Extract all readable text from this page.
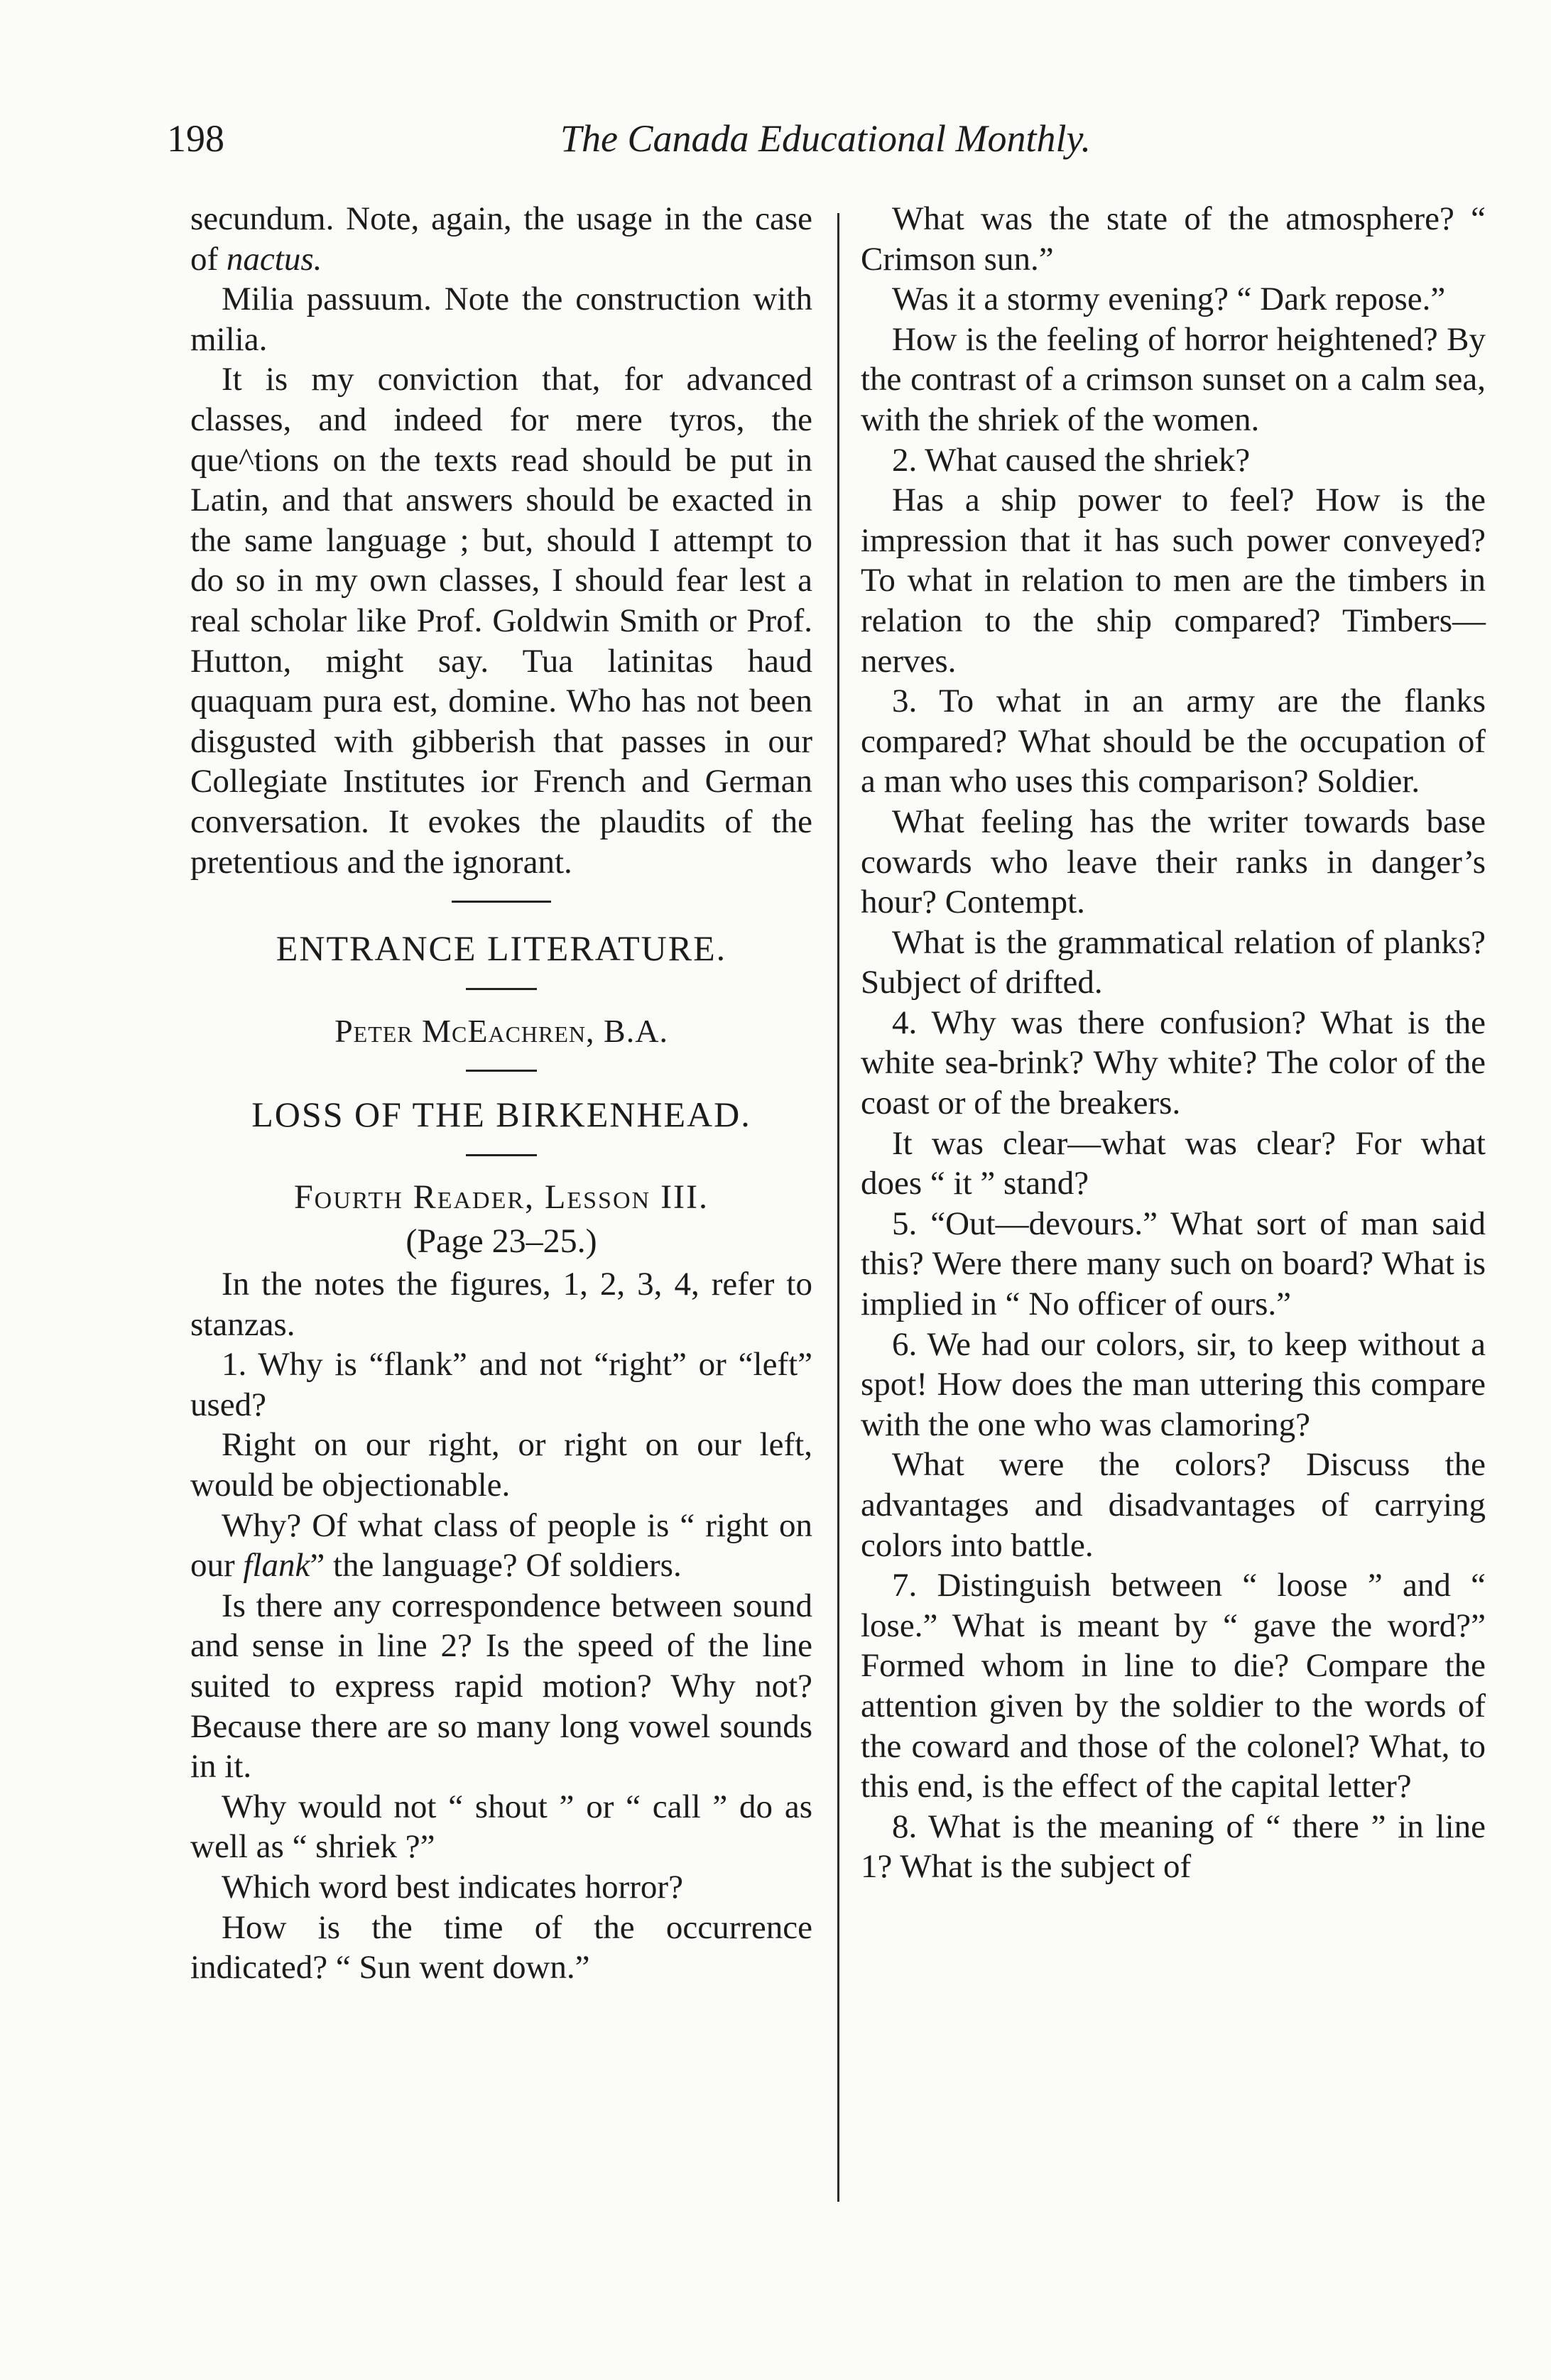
198	The Canada Educational Monthly.

secundum. Note, again, the usage in the case of nactus.

Milia passuum. Note the construction with milia.

It is my conviction that, for advanced classes, and indeed for mere tyros, the que^tions on the texts read should be put in Latin, and that answers should be exacted in the same language ; but, should I attempt to do so in my own classes, I should fear lest a real scholar like Prof. Goldwin Smith or Prof. Hutton, might say. Tua latinitas haud quaquam pura est, domine. Who has not been disgusted with gibberish that passes in our Collegiate Institutes ior French and German conversation. It evokes the plaudits of the pretentious and the ignorant.

ENTRANCE LITERATURE.

Peter McEachren, B.A.

LOSS OF THE BIRKENHEAD.

Fourth Reader, Lesson III.

(Page 23–25.)

In the notes the figures, 1, 2, 3, 4, refer to stanzas.

1. Why is “flank” and not “right” or “left” used?

Right on our right, or right on our left, would be objectionable.

Why? Of what class of people is “ right on our flank” the language? Of soldiers.

Is there any correspondence between sound and sense in line 2? Is the speed of the line suited to express rapid motion? Why not? Because there are so many long vowel sounds in it.

Why would not “ shout ” or “ call ” do as well as “ shriek ?”

Which word best indicates horror?

How is the time of the occurrence indicated? “ Sun went down.”

What was the state of the atmosphere? “ Crimson sun.”

Was it a stormy evening? “ Dark repose.”

How is the feeling of horror heightened? By the contrast of a crimson sunset on a calm sea, with the shriek of the women.

2. What caused the shriek?

Has a ship power to feel? How is the impression that it has such power conveyed? To what in relation to men are the timbers in relation to the ship compared? Timbers—nerves.

3. To what in an army are the flanks compared? What should be the occupation of a man who uses this comparison? Soldier.

What feeling has the writer towards base cowards who leave their ranks in danger’s hour? Contempt.

What is the grammatical relation of planks? Subject of drifted.

4. Why was there confusion? What is the white sea-brink? Why white? The color of the coast or of the breakers.

It was clear—what was clear? For what does “ it ” stand?

5. “Out—devours.” What sort of man said this? Were there many such on board? What is implied in “ No officer of ours.”

6. We had our colors, sir, to keep without a spot! How does the man uttering this compare with the one who was clamoring?

What were the colors? Discuss the advantages and disadvantages of carrying colors into battle.

7. Distinguish between “ loose ” and “ lose.” What is meant by “ gave the word?” Formed whom in line to die? Compare the attention given by the soldier to the words of the coward and those of the colonel? What, to this end, is the effect of the capital letter?

8. What is the meaning of “ there ” in line 1? What is the subject of
